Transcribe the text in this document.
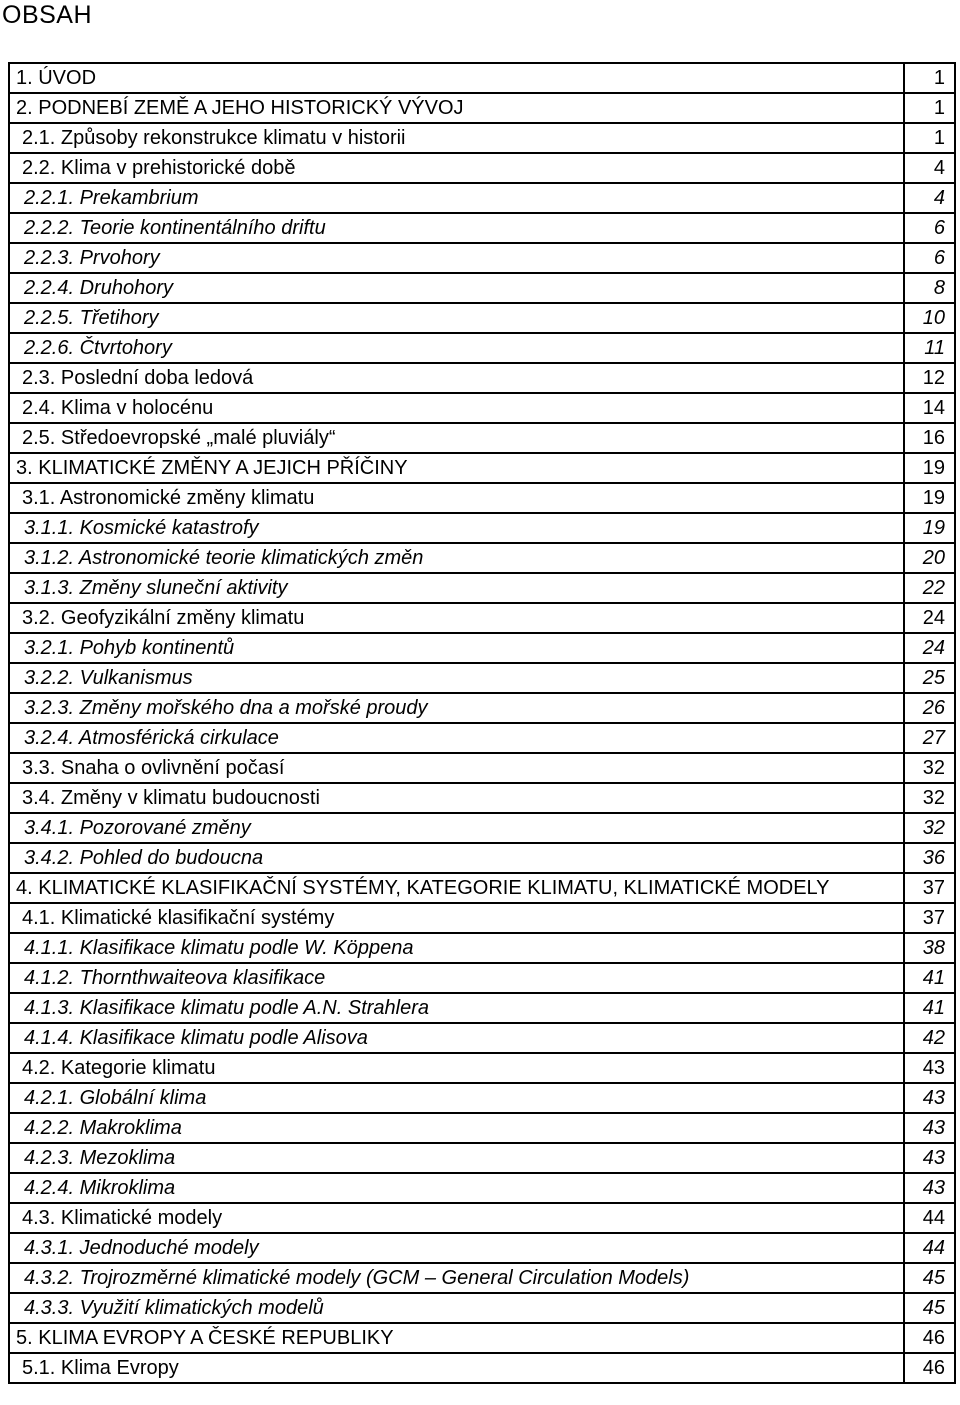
OBSAH
1. ÚVOD	1
2. PODNEBÍ ZEMĚ A JEHO HISTORICKÝ VÝVOJ	1
2.1. Způsoby rekonstrukce klimatu v historii	1
2.2. Klima v prehistorické době	4
2.2.1. Prekambrium	4
2.2.2. Teorie kontinentálního driftu	6
2.2.3. Prvohory	6
2.2.4. Druhohory	8
2.2.5. Třetihory	10
2.2.6. Čtvrtohory	11
2.3. Poslední doba ledová	12
2.4. Klima v holocénu	14
2.5. Středoevropské „malé pluviály“	16
3. KLIMATICKÉ ZMĚNY A JEJICH PŘÍČINY	19
3.1. Astronomické změny klimatu	19
3.1.1. Kosmické katastrofy	19
3.1.2. Astronomické teorie klimatických změn	20
3.1.3. Změny sluneční aktivity	22
3.2. Geofyzikální změny klimatu	24
3.2.1. Pohyb kontinentů	24
3.2.2. Vulkanismus	25
3.2.3. Změny mořského dna a mořské proudy	26
3.2.4. Atmosférická cirkulace	27
3.3. Snaha o ovlivnění počasí	32
3.4. Změny v klimatu budoucnosti	32
3.4.1. Pozorované změny	32
3.4.2. Pohled do budoucna	36
4. KLIMATICKÉ KLASIFIKAČNÍ SYSTÉMY, KATEGORIE KLIMATU, KLIMATICKÉ MODELY	37
4.1. Klimatické klasifikační systémy	37
4.1.1. Klasifikace klimatu podle W. Köppena	38
4.1.2. Thornthwaiteova klasifikace	41
4.1.3. Klasifikace klimatu podle A.N. Strahlera	41
4.1.4. Klasifikace klimatu podle Alisova	42
4.2. Kategorie klimatu	43
4.2.1. Globální klima	43
4.2.2. Makroklima	43
4.2.3. Mezoklima	43
4.2.4. Mikroklima	43
4.3. Klimatické modely	44
4.3.1. Jednoduché modely	44
4.3.2. Trojrozměrné klimatické modely (GCM – General Circulation Models)	45
4.3.3. Využití klimatických modelů	45
5. KLIMA EVROPY A ČESKÉ REPUBLIKY	46
5.1. Klima Evropy	46
